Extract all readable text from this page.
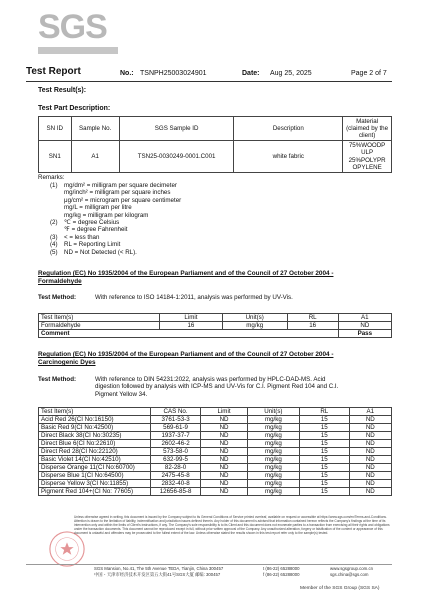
SGS
Test Report	No.: TSNPH25003024901	Date: Aug 25, 2025	Page 2 of 7
Test Result(s):
Test Part Description:
SN ID	Sample No.	SGS Sample ID	Description	Material (claimed by the client)
SN1	A1	TSN25-0030249-0001.C001	white fabric	75%WOODP
ULP
25%POLYPR
OPYLENE
Remarks:
(1) mg/dm² = milligram per square decimeter
mg/inch² = milligram per square inches
μg/cm² = microgram per square centimeter
mg/L = milligram per litre
mg/kg = milligram per kilogram
(2) ℃ = degree Celsius
℉ = degree Fahrenheit
(3) < = less than
(4) RL = Reporting Limit
(5) ND = Not Detected (< RL).
Regulation (EC) No 1935/2004 of the European Parliament and of the Council of 27 October 2004 -
Formaldehyde
Test Method:	With reference to ISO 14184-1:2011, analysis was performed by UV-Vis.
Test Item(s)	Limit	Unit(s)	RL	A1
Formaldehyde	16	mg/kg	16	ND
Comment				Pass
Regulation (EC) No 1935/2004 of the European Parliament and of the Council of 27 October 2004 -
Carcinogenic Dyes
Test Method:	With reference to DIN 54231:2022, analysis was performed by HPLC-DAD-MS. Acid
digestion followed by analysis with ICP-MS and UV-Vis for C.I. Pigment Red 104 and C.I.
Pigment Yellow 34.
Test Item(s)	CAS No.	Limit	Unit(s)	RL	A1
Acid Red 26(CI No:16150)	3761-53-3	ND	mg/kg	15	ND
Basic Red 9(CI No:42500)	569-61-9	ND	mg/kg	15	ND
Direct Black 38(CI No:30235)	1937-37-7	ND	mg/kg	15	ND
Direct Blue 6(CI No:22610)	2602-46-2	ND	mg/kg	15	ND
Direct Red 28(CI No:22120)	573-58-0	ND	mg/kg	15	ND
Basic Violet 14(CI No:42510)	632-99-5	ND	mg/kg	15	ND
Disperse Orange 11(CI No:60700)	82-28-0	ND	mg/kg	15	ND
Disperse Blue 1(CI No:64500)	2475-45-8	ND	mg/kg	15	ND
Disperse Yellow 3(CI No:11855)	2832-40-8	ND	mg/kg	15	ND
Pigment Red 104+(CI No: 77605)	12656-85-8	ND	mg/kg	15	ND
Unless otherwise agreed in writing, this document is issued by the Company subject to its General Conditions of Service printed overleaf, available on request or accessible at https://www.sgs.com/en/Terms-and-Conditions. Attention is drawn to the limitation of liability, indemnification and jurisdiction issues defined therein. Any holder of this document is advised that information contained hereon reflects the Company's findings at the time of its intervention only and within the limits of Client's instructions, if any. The Company's sole responsibility is to its Client and this document does not exonerate parties to a transaction from exercising all their rights and obligations under the transaction documents. This document cannot be reproduced except in full, without prior written approval of the Company. Any unauthorized alteration, forgery or falsification of the content or appearance of this document is unlawful and offenders may be prosecuted to the fullest extent of the law. Unless otherwise stated the results shown in this test report refer only to the sample(s) tested.
SGS Mansion, No.41, The 5th Avenue TEDA, Tianjin, China 300457
中国・天津市经济技术开发区第五大街41号SGS大厦 邮编: 300457
t (86-22) 65288000
f (86-22) 65288000
www.sgsgroup.com.cn
sgs.china@sgs.com
Member of the SGS Group (SGS SA)
